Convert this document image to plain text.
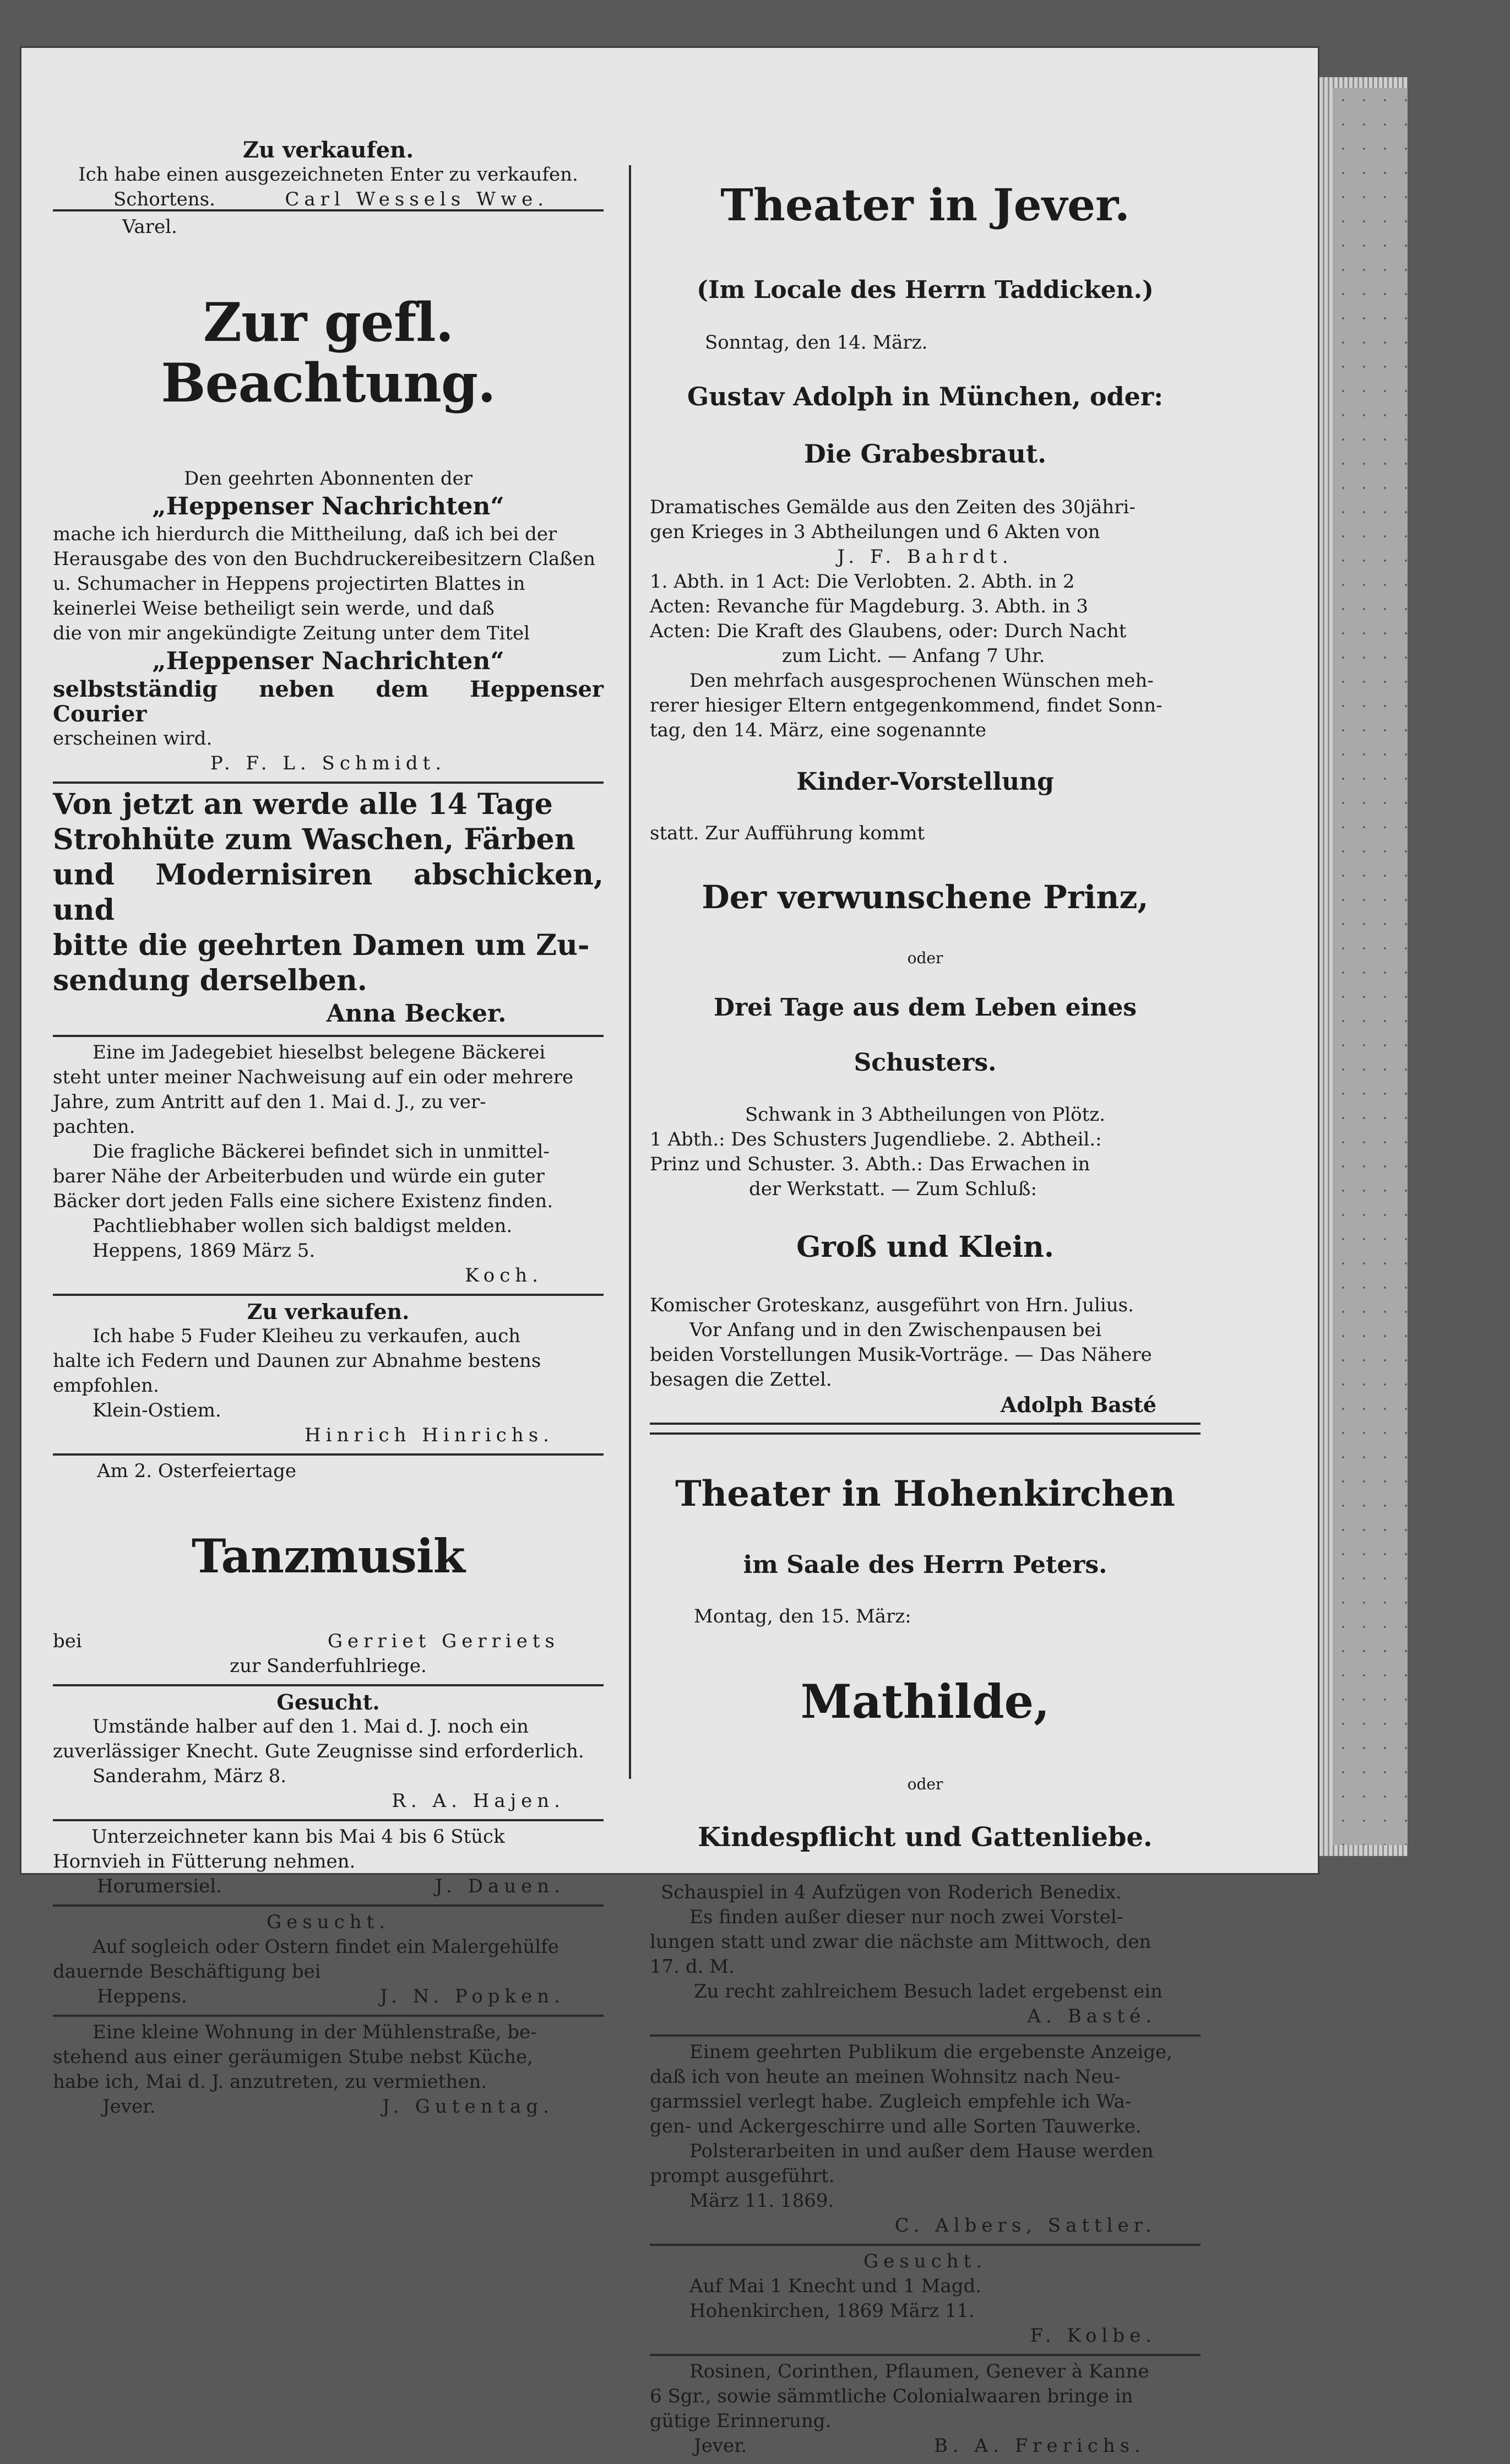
Zu verkaufen.

Ich habe einen ausgezeichneten Enter zu verkaufen.

Schortens.	Carl Wessels Wwe.

Varel.

Zur gefl. Beachtung.

Den geehrten Abonnenten der

„Heppenser Nachrichten“

mache ich hierdurch die Mittheilung, daß ich bei der

Herausgabe des von den Buchdruckereibesitzern Claßen

u. Schumacher in Heppens projectirten Blattes in

keinerlei Weise betheiligt sein werde, und daß

die von mir angekündigte Zeitung unter dem Titel

„Heppenser Nachrichten“

selbstständig neben dem Heppenser Courier

erscheinen wird.

P. F. L. Schmidt.

Von jetzt an werde alle 14 Tage

Strohhüte zum Waschen, Färben

und Modernisiren abschicken, und

bitte die geehrten Damen um Zu-

sendung derselben.

Anna Becker.

Eine im Jadegebiet hieselbst belegene Bäckerei

steht unter meiner Nachweisung auf ein oder mehrere

Jahre, zum Antritt auf den 1. Mai d. J., zu ver-

pachten.

Die fragliche Bäckerei befindet sich in unmittel-

barer Nähe der Arbeiterbuden und würde ein guter

Bäcker dort jeden Falls eine sichere Existenz finden.

Pachtliebhaber wollen sich baldigst melden.

Heppens, 1869 März 5.

Koch.

Zu verkaufen.

Ich habe 5 Fuder Kleiheu zu verkaufen, auch

halte ich Federn und Daunen zur Abnahme bestens

empfohlen.

Klein-Ostiem.

Hinrich Hinrichs.

Am 2. Osterfeiertage

Tanzmusik

bei	Gerriet Gerriets

zur Sanderfuhlriege.

Gesucht.

Umstände halber auf den 1. Mai d. J. noch ein

zuverlässiger Knecht. Gute Zeugnisse sind erforderlich.

Sanderahm, März 8.

R. A. Hajen.

Unterzeichneter kann bis Mai 4 bis 6 Stück

Hornvieh in Fütterung nehmen.

Horumersiel.	J. Dauen.

Gesucht.

Auf sogleich oder Ostern findet ein Malergehülfe

dauernde Beschäftigung bei

Heppens.	J. N. Popken.

Eine kleine Wohnung in der Mühlenstraße, be-

stehend aus einer geräumigen Stube nebst Küche,

habe ich, Mai d. J. anzutreten, zu vermiethen.

Jever.	J. Gutentag.

Theater in Jever.

(Im Locale des Herrn Taddicken.)

Sonntag, den 14. März.

Gustav Adolph in München, oder:

Die Grabesbraut.

Dramatisches Gemälde aus den Zeiten des 30jähri-

gen Krieges in 3 Abtheilungen und 6 Akten von

J. F. Bahrdt.

1. Abth. in 1 Act: Die Verlobten. 2. Abth. in 2

Acten: Revanche für Magdeburg. 3. Abth. in 3

Acten: Die Kraft des Glaubens, oder: Durch Nacht

zum Licht. — Anfang 7 Uhr.

Den mehrfach ausgesprochenen Wünschen meh-

rerer hiesiger Eltern entgegenkommend, findet Sonn-

tag, den 14. März, eine sogenannte

Kinder-Vorstellung

statt. Zur Aufführung kommt

Der verwunschene Prinz,

oder

Drei Tage aus dem Leben eines

Schusters.

Schwank in 3 Abtheilungen von Plötz.

1 Abth.: Des Schusters Jugendliebe. 2. Abtheil.:

Prinz und Schuster. 3. Abth.: Das Erwachen in

der Werkstatt. — Zum Schluß:

Groß und Klein.

Komischer Groteskanz, ausgeführt von Hrn. Julius.

Vor Anfang und in den Zwischenpausen bei

beiden Vorstellungen Musik-Vorträge. — Das Nähere

besagen die Zettel.

Adolph Basté

Theater in Hohenkirchen

im Saale des Herrn Peters.

Montag, den 15. März:

Mathilde,

oder

Kindespflicht und Gattenliebe.

Schauspiel in 4 Aufzügen von Roderich Benedix.

Es finden außer dieser nur noch zwei Vorstel-

lungen statt und zwar die nächste am Mittwoch, den

17. d. M.

Zu recht zahlreichem Besuch ladet ergebenst ein

A. Basté.

Einem geehrten Publikum die ergebenste Anzeige,

daß ich von heute an meinen Wohnsitz nach Neu-

garmssiel verlegt habe. Zugleich empfehle ich Wa-

gen- und Ackergeschirre und alle Sorten Tauwerke.

Polsterarbeiten in und außer dem Hause werden

prompt ausgeführt.

März 11. 1869.

C. Albers, Sattler.

Gesucht.

Auf Mai 1 Knecht und 1 Magd.

Hohenkirchen, 1869 März 11.

F. Kolbe.

Rosinen, Corinthen, Pflaumen, Genever à Kanne

6 Sgr., sowie sämmtliche Colonialwaaren bringe in

gütige Erinnerung.

Jever.	B. A. Frerichs.
